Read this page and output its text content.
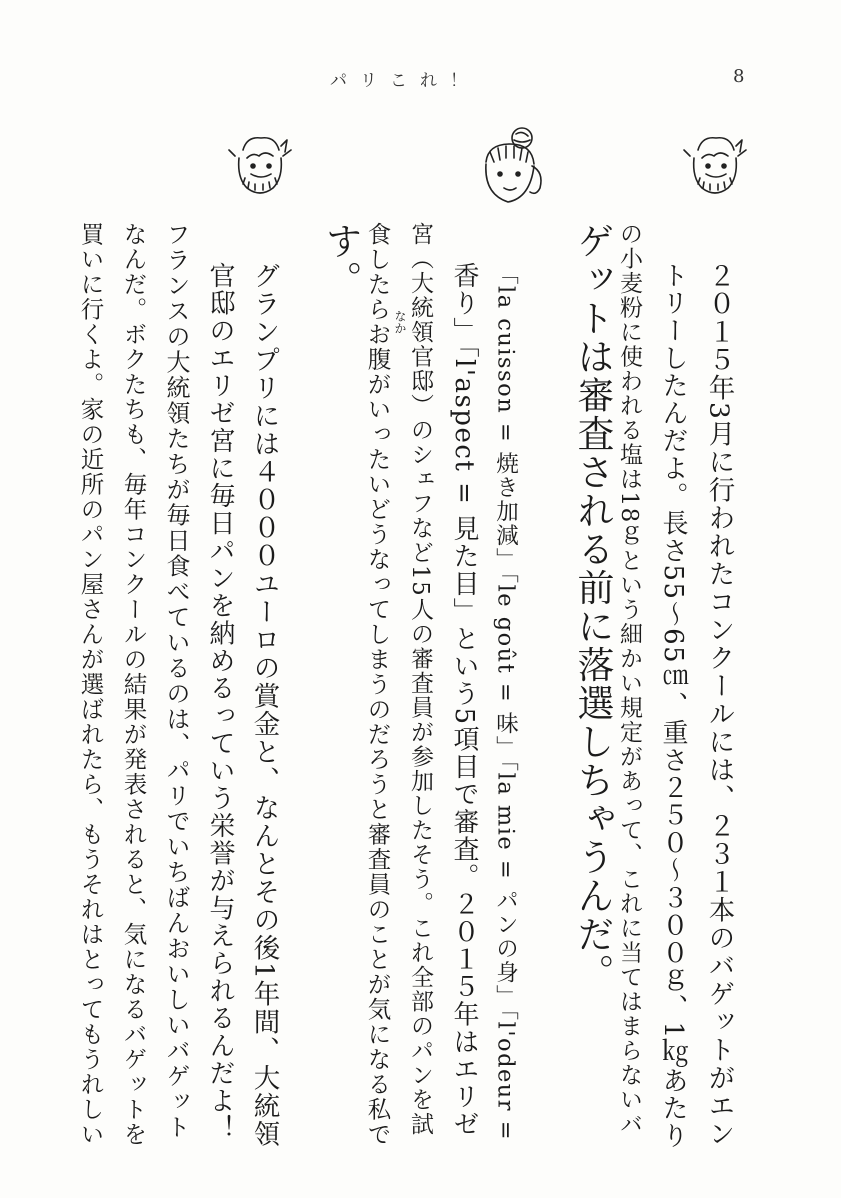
パリこれ！	8
２０１５年3月に行われたコンクールには、２３１本のバゲットがエン
トリーしたんだよ。長さ55〜65㎝、重さ２５０〜３００ｇ、1㎏あたり
の小麦粉に使われる塩は18ｇという細かい規定があって、これに当てはまらないバ
ゲットは審査される前に落選しちゃうんだ。
「la cuisson = 焼き加減」「le goût = 味」「la mie = パンの身」「l'odeur =
香り」「l'aspect = 見た目」という5項目で審査。２０１５年はエリゼ
宮（大統領官邸）のシェフなど15人の審査員が参加したそう。これ全部のパンを試
なか
食したらお腹がいったいどうなってしまうのだろうと審査員のことが気になる私で
す。
グランプリには４０００ユーロの賞金と、なんとその後1年間、大統領
官邸のエリゼ宮に毎日パンを納めるっていう栄誉が与えられるんだよ！
フランスの大統領たちが毎日食べているのは、パリでいちばんおいしいバゲット
なんだ。ボクたちも、毎年コンクールの結果が発表されると、気になるバゲットを
買いに行くよ。家の近所のパン屋さんが選ばれたら、もうそれはとってもうれしい
